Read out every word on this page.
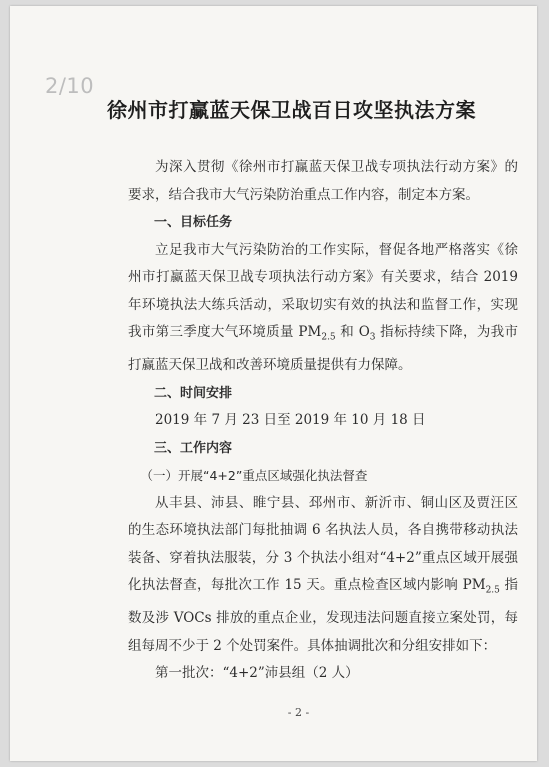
2/10
徐州市打赢蓝天保卫战百日攻坚执法方案

为深入贯彻《徐州市打赢蓝天保卫战专项执法行动方案》的要求，结合我市大气污染防治重点工作内容，制定本方案。

一、目标任务

立足我市大气污染防治的工作实际，督促各地严格落实《徐州市打赢蓝天保卫战专项执法行动方案》有关要求，结合 2019 年环境执法大练兵活动，采取切实有效的执法和监督工作，实现我市第三季度大气环境质量 $PM_{2.5}$ 和 $O_3$ 指标持续下降，为我市打赢蓝天保卫战和改善环境质量提供有力保障。

二、时间安排

2019 年 7 月 23 日至 2019 年 10 月 18 日

三、工作内容

（一）开展“4+2”重点区域强化执法督查

从丰县、沛县、睢宁县、邳州市、新沂市、铜山区及贾汪区的生态环境执法部门每批抽调 6 名执法人员，各自携带移动执法装备、穿着执法服装，分 3 个执法小组对“4+2”重点区域开展强化执法督查，每批次工作 15 天。重点检查区域内影响 $PM_{2.5}$ 指数及涉 VOCs 排放的重点企业，发现违法问题直接立案处罚，每组每周不少于 2 个处罚案件。具体抽调批次和分组安排如下：

第一批次：“4+2”沛县组（2 人）

- 2 -
